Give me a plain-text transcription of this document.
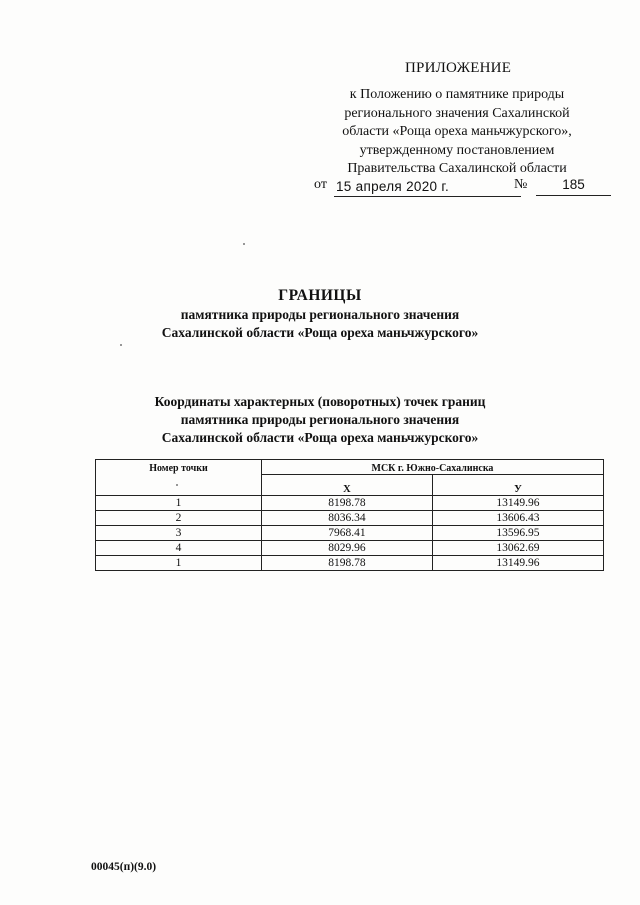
ПРИЛОЖЕНИЕ
к Положению о памятнике природы
регионального значения Сахалинской
области «Роща ореха маньчжурского»,
утвержденному постановлением
Правительства Сахалинской области
от 15 апреля 2020 г.	№	185
ГРАНИЦЫ
памятника природы регионального значения
Сахалинской области «Роща ореха маньчжурского»
Координаты характерных (поворотных) точек границ
памятника природы регионального значения
Сахалинской области «Роща ореха маньчжурского»
Номер точки	МСК г. Южно-Сахалинска	
	Х	У
1	8198.78	13149.96
2	8036.34	13606.43
3	7968.41	13596.95
4	8029.96	13062.69
1	8198.78	13149.96
00045(п)(9.0)
